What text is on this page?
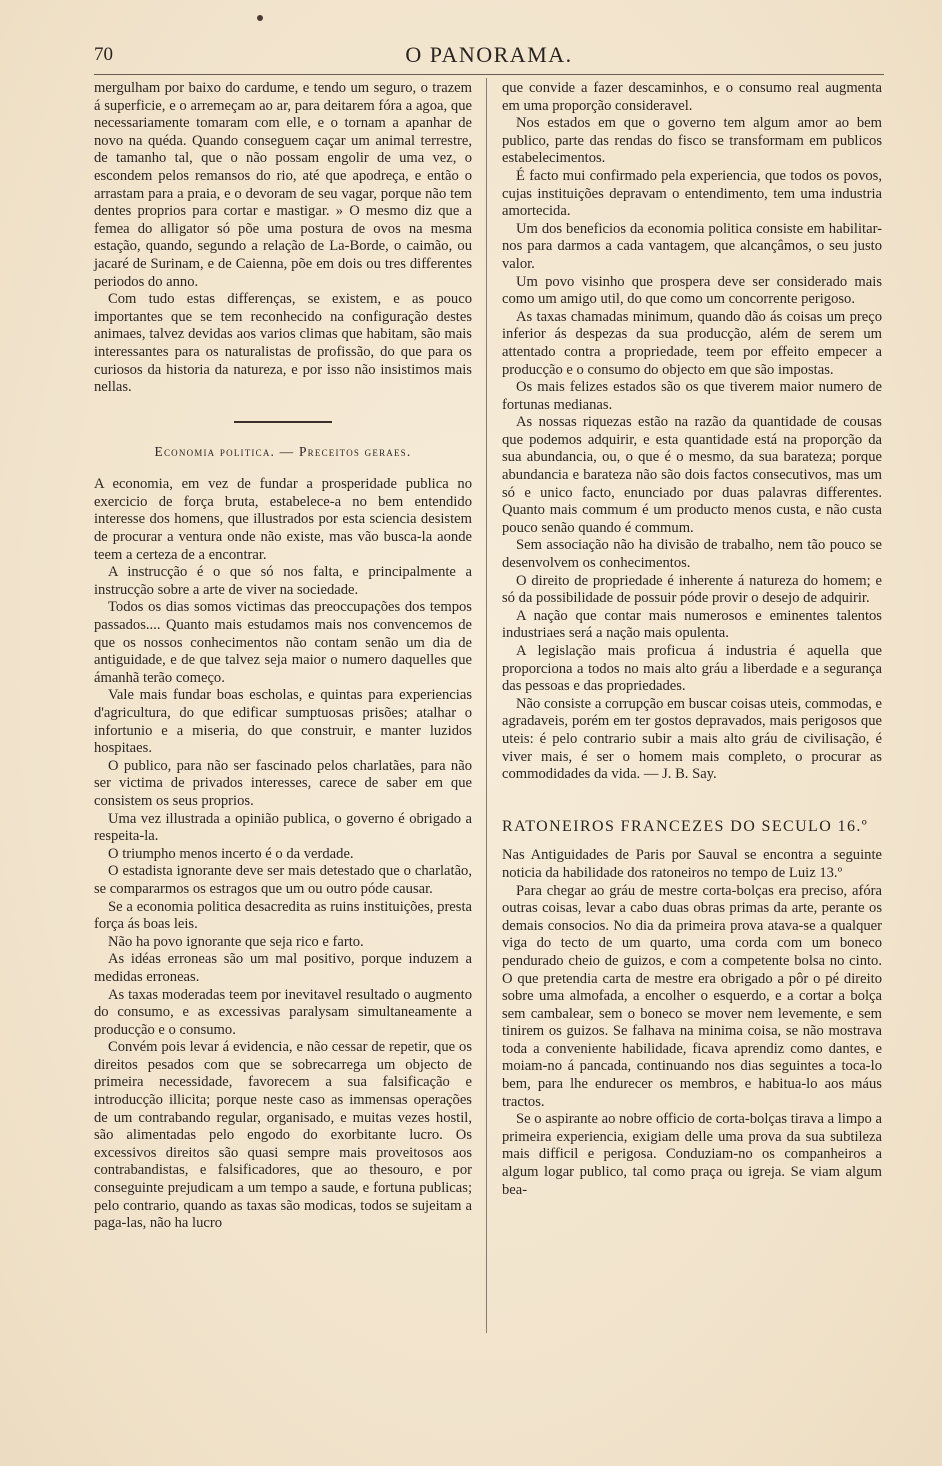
70	O PANORAMA.

mergulham por baixo do cardume, e tendo um seguro, o trazem á superficie, e o arremeçam ao ar, para deitarem fóra a agoa, que necessariamente tomaram com elle, e o tornam a apanhar de novo na quéda. Quando conseguem caçar um animal terrestre, de tamanho tal, que o não possam engolir de uma vez, o escondem pelos remansos do rio, até que apodreça, e então o arrastam para a praia, e o devoram de seu vagar, porque não tem dentes proprios para cortar e mastigar. » O mesmo diz que a femea do alligator só põe uma postura de ovos na mesma estação, quando, segundo a relação de La-Borde, o caimão, ou jacaré de Surinam, e de Caienna, põe em dois ou tres differentes periodos do anno.

Com tudo estas differenças, se existem, e as pouco importantes que se tem reconhecido na configuração destes animaes, talvez devidas aos varios climas que habitam, são mais interessantes para os naturalistas de profissão, do que para os curiosos da historia da natureza, e por isso não insistimos mais nellas.

Economia politica. — Preceitos geraes.

A economia, em vez de fundar a prosperidade publica no exercicio de força bruta, estabelece-a no bem entendido interesse dos homens, que illustrados por esta sciencia desistem de procurar a ventura onde não existe, mas vão busca-la aonde teem a certeza de a encontrar.

A instrucção é o que só nos falta, e principalmente a instrucção sobre a arte de viver na sociedade.

Todos os dias somos victimas das preoccupações dos tempos passados.... Quanto mais estudamos mais nos convencemos de que os nossos conhecimentos não contam senão um dia de antiguidade, e de que talvez seja maior o numero daquelles que ámanhã terão começo.

Vale mais fundar boas escholas, e quintas para experiencias d'agricultura, do que edificar sumptuosas prisões; atalhar o infortunio e a miseria, do que construir, e manter luzidos hospitaes.

O publico, para não ser fascinado pelos charlatães, para não ser victima de privados interesses, carece de saber em que consistem os seus proprios.

Uma vez illustrada a opinião publica, o governo é obrigado a respeita-la.

O triumpho menos incerto é o da verdade.

O estadista ignorante deve ser mais detestado que o charlatão, se compararmos os estragos que um ou outro póde causar.

Se a economia politica desacredita as ruins instituições, presta força ás boas leis.

Não ha povo ignorante que seja rico e farto.

As idéas erroneas são um mal positivo, porque induzem a medidas erroneas.

As taxas moderadas teem por inevitavel resultado o augmento do consumo, e as excessivas paralysam simultaneamente a producção e o consumo.

Convém pois levar á evidencia, e não cessar de repetir, que os direitos pesados com que se sobrecarrega um objecto de primeira necessidade, favorecem a sua falsificação e introducção illicita; porque neste caso as immensas operações de um contrabando regular, organisado, e muitas vezes hostil, são alimentadas pelo engodo do exorbitante lucro. Os excessivos direitos são quasi sempre mais proveitosos aos contrabandistas, e falsificadores, que ao thesouro, e por conseguinte prejudicam a um tempo a saude, e fortuna publicas; pelo contrario, quando as taxas são modicas, todos se sujeitam a paga-las, não ha lucro

que convide a fazer descaminhos, e o consumo real augmenta em uma proporção consideravel.

Nos estados em que o governo tem algum amor ao bem publico, parte das rendas do fisco se transformam em publicos estabelecimentos.

É facto mui confirmado pela experiencia, que todos os povos, cujas instituições depravam o entendimento, tem uma industria amortecida.

Um dos beneficios da economia politica consiste em habilitar-nos para darmos a cada vantagem, que alcançâmos, o seu justo valor.

Um povo visinho que prospera deve ser considerado mais como um amigo util, do que como um concorrente perigoso.

As taxas chamadas minimum, quando dão ás coisas um preço inferior ás despezas da sua producção, além de serem um attentado contra a propriedade, teem por effeito empecer a producção e o consumo do objecto em que são impostas.

Os mais felizes estados são os que tiverem maior numero de fortunas medianas.

As nossas riquezas estão na razão da quantidade de cousas que podemos adquirir, e esta quantidade está na proporção da sua abundancia, ou, o que é o mesmo, da sua barateza; porque abundancia e barateza não são dois factos consecutivos, mas um só e unico facto, enunciado por duas palavras differentes. Quanto mais commum é um producto menos custa, e não custa pouco senão quando é commum.

Sem associação não ha divisão de trabalho, nem tão pouco se desenvolvem os conhecimentos.

O direito de propriedade é inherente á natureza do homem; e só da possibilidade de possuir póde provir o desejo de adquirir.

A nação que contar mais numerosos e eminentes talentos industriaes será a nação mais opulenta.

A legislação mais proficua á industria é aquella que proporciona a todos no mais alto gráu a liberdade e a segurança das pessoas e das propriedades.

Não consiste a corrupção em buscar coisas uteis, commodas, e agradaveis, porém em ter gostos depravados, mais perigosos que uteis: é pelo contrario subir a mais alto gráu de civilisação, é viver mais, é ser o homem mais completo, o procurar as commodidades da vida. — J. B. Say.

RATONEIROS FRANCEZES DO SECULO 16.º

Nas Antiguidades de Paris por Sauval se encontra a seguinte noticia da habilidade dos ratoneiros no tempo de Luiz 13.º

Para chegar ao gráu de mestre corta-bolças era preciso, afóra outras coisas, levar a cabo duas obras primas da arte, perante os demais consocios. No dia da primeira prova atava-se a qualquer viga do tecto de um quarto, uma corda com um boneco pendurado cheio de guizos, e com a competente bolsa no cinto. O que pretendia carta de mestre era obrigado a pôr o pé direito sobre uma almofada, a encolher o esquerdo, e a cortar a bolça sem cambalear, sem o boneco se mover nem levemente, e sem tinirem os guizos. Se falhava na minima coisa, se não mostrava toda a conveniente habilidade, ficava aprendiz como dantes, e moiam-no á pancada, continuando nos dias seguintes a toca-lo bem, para lhe endurecer os membros, e habitua-lo aos máus tractos.

Se o aspirante ao nobre officio de corta-bolças tirava a limpo a primeira experiencia, exigiam delle uma prova da sua subtileza mais difficil e perigosa. Conduziam-no os companheiros a algum logar publico, tal como praça ou igreja. Se viam algum bea-
